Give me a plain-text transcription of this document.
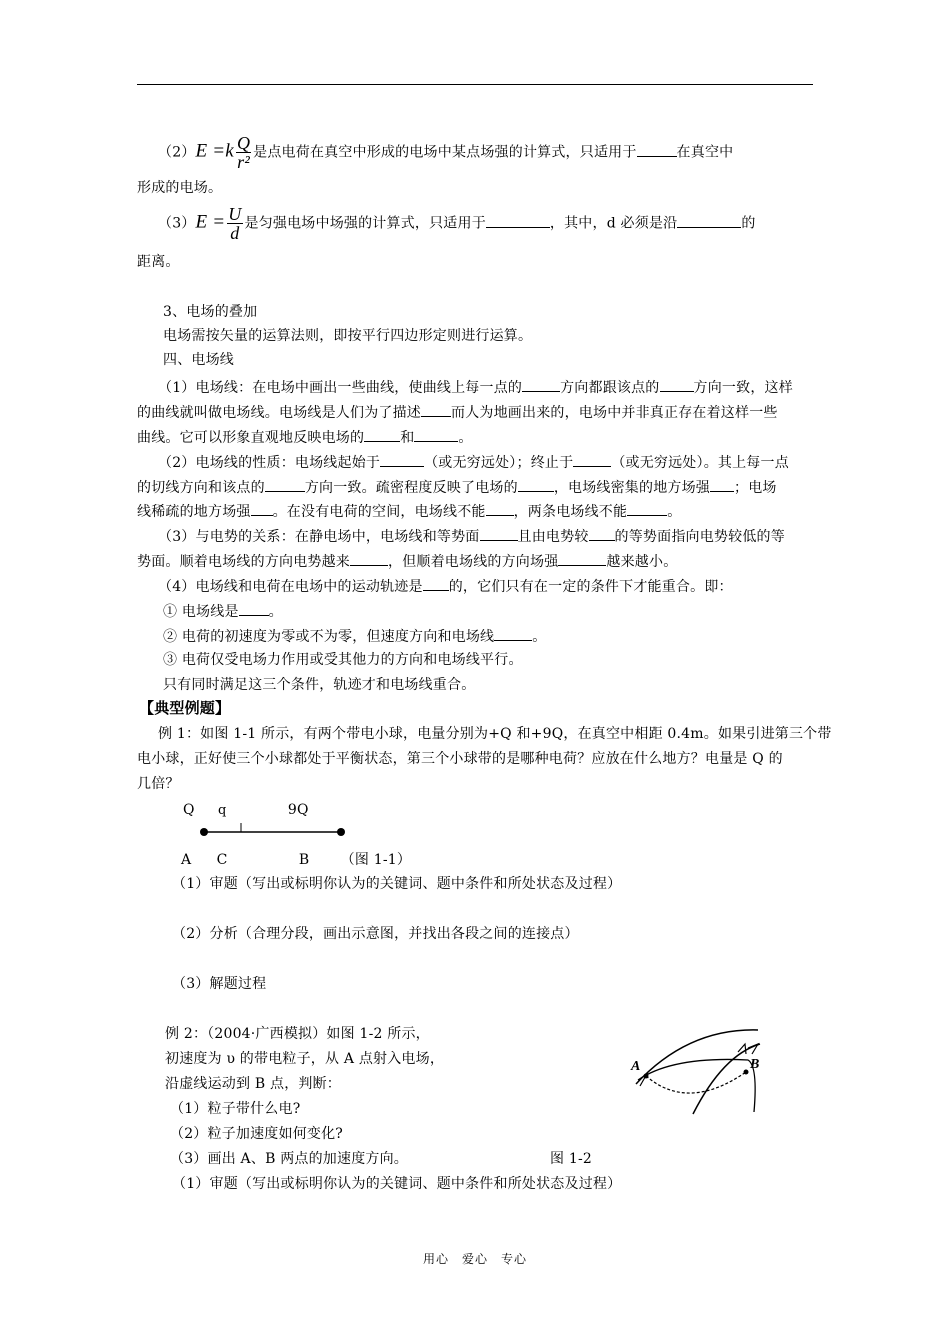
$(2)E =k \frac{Q}{\text{r²}}$ 是点电荷在真空中形成的电场中某点场强的计算式，只适用于	在真空中
形成的电场。
$(3)E = \frac{U}{d}$ 是匀强电场中场强的计算式，只适用于	，其中，d 必须是沿	的
距离。
3、电场的叠加
电场需按矢量的运算法则，即按平行四边形定则进行运算。
四、电场线
（1）电场线：在电场中画出一些曲线，使曲线上每一点的	方向都跟该点的 方向一致，这样
的曲线就叫做电场线。电场线是人们为了描述 而人为地画出来的，电场中并非真正存在着这样一些
曲线。它可以形象直观地反映电场的	和	。
（2）电场线的性质：电场线起始于	（或无穷远处）；终止于	（或无穷远处）。其上每一点
的切线方向和该点的	方向一致。疏密程度反映了电场的	，电场线密集的地方场强 ；电场
线稀疏的地方场强 。在没有电荷的空间，电场线不能 ，两条电场线不能	。
（3）与电势的关系：在静电场中，电场线和等势面	且由电势较 的等势面指向电势较低的等
势面。顺着电场线的方向电势越来	，但顺着电场线的方向场强	越来越小。
（4）电场线和电荷在电场中的运动轨迹是 的，它们只有在一定的条件下才能重合。即：
① 电场线是 。
② 电荷的初速度为零或不为零，但速度方向和电场线	。
③ 电荷仅受电场力作用或受其他力的方向和电场线平行。
只有同时满足这三个条件，轨迹才和电场线重合。
【典型例题】
例 1：如图 1-1 所示，有两个带电小球，电量分别为+Q 和+9Q，在真空中相距 0.4m。如果引进第三个带
电小球，正好使三个小球都处于平衡状态，第三个小球带的是哪种电荷？应放在什么地方？电量是 Q 的
几倍？
Q q	9Q
A C	B （图 1-1）
（1）审题（写出或标明你认为的关键词、题中条件和所处状态及过程）
（2）分析（合理分段，画出示意图，并找出各段之间的连接点）
（3）解题过程
例 2：（2004·广西模拟）如图 1-2 所示，
初速度为 υ 的带电粒子，从 A 点射入电场，
沿虚线运动到 B 点，判断：
（1）粒子带什么电?
（2）粒子加速度如何变化?
（3）画出 A、B 两点的加速度方向。	图 1-2
（1）审题（写出或标明你认为的关键词、题中条件和所处状态及过程）
A	B
用心　爱心　专心
